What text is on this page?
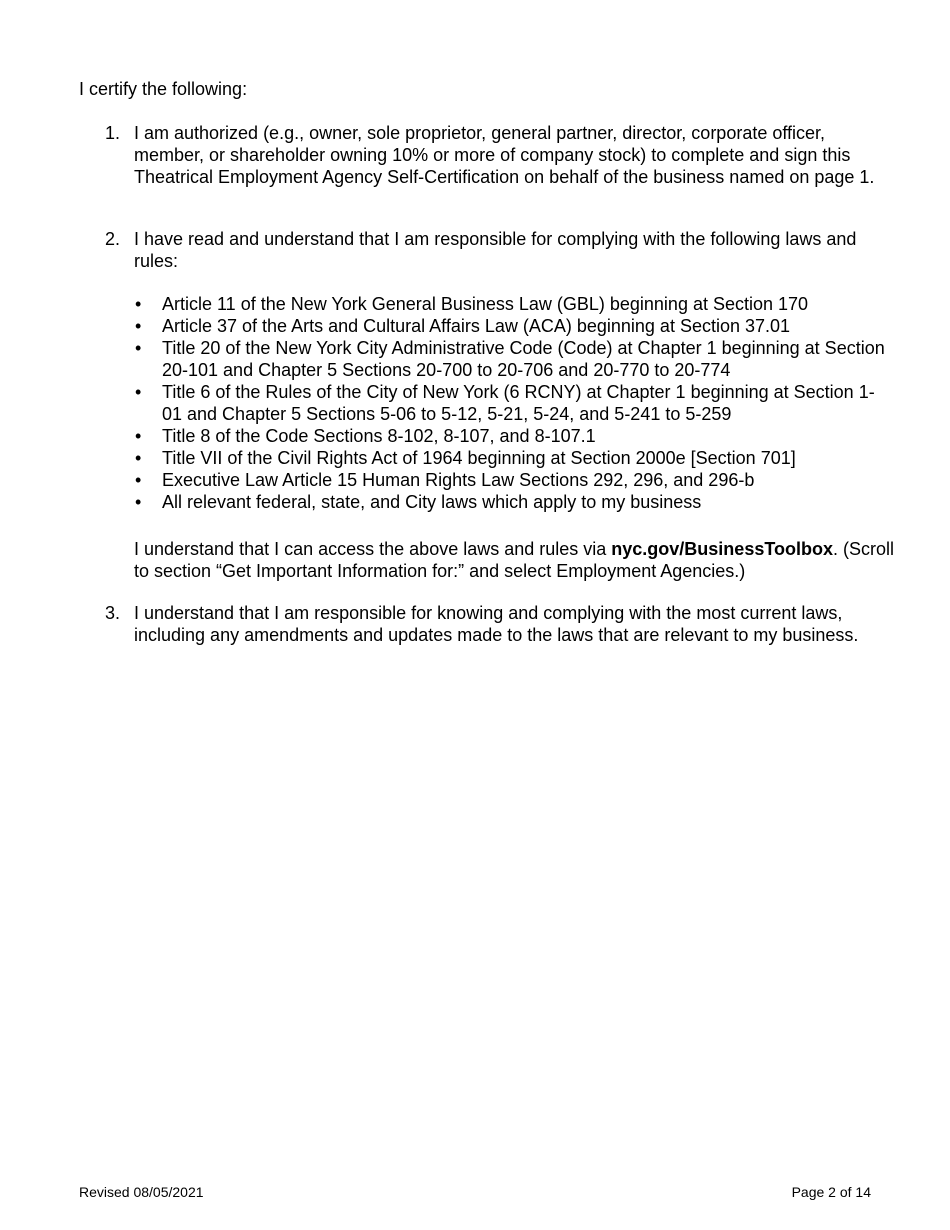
I certify the following:

1. I am authorized (e.g., owner, sole proprietor, general partner, director, corporate officer, member, or shareholder owning 10% or more of company stock) to complete and sign this Theatrical Employment Agency Self-Certification on behalf of the business named on page 1.
2. I have read and understand that I am responsible for complying with the following laws and rules:
• Article 11 of the New York General Business Law (GBL) beginning at Section 170
• Article 37 of the Arts and Cultural Affairs Law (ACA) beginning at Section 37.01
• Title 20 of the New York City Administrative Code (Code) at Chapter 1 beginning at Section 20-101 and Chapter 5 Sections 20-700 to 20-706 and 20-770 to 20-774
• Title 6 of the Rules of the City of New York (6 RCNY) at Chapter 1 beginning at Section 1-01 and Chapter 5 Sections 5-06 to 5-12, 5-21, 5-24, and 5-241 to 5-259
• Title 8 of the Code Sections 8-102, 8-107, and 8-107.1
• Title VII of the Civil Rights Act of 1964 beginning at Section 2000e [Section 701]
• Executive Law Article 15 Human Rights Law Sections 292, 296, and 296-b
• All relevant federal, state, and City laws which apply to my business
I understand that I can access the above laws and rules via nyc.gov/BusinessToolbox. (Scroll to section “Get Important Information for:” and select Employment Agencies.)
3. I understand that I am responsible for knowing and complying with the most current laws, including any amendments and updates made to the laws that are relevant to my business.
Revised 08/05/2021	Page 2 of 14
